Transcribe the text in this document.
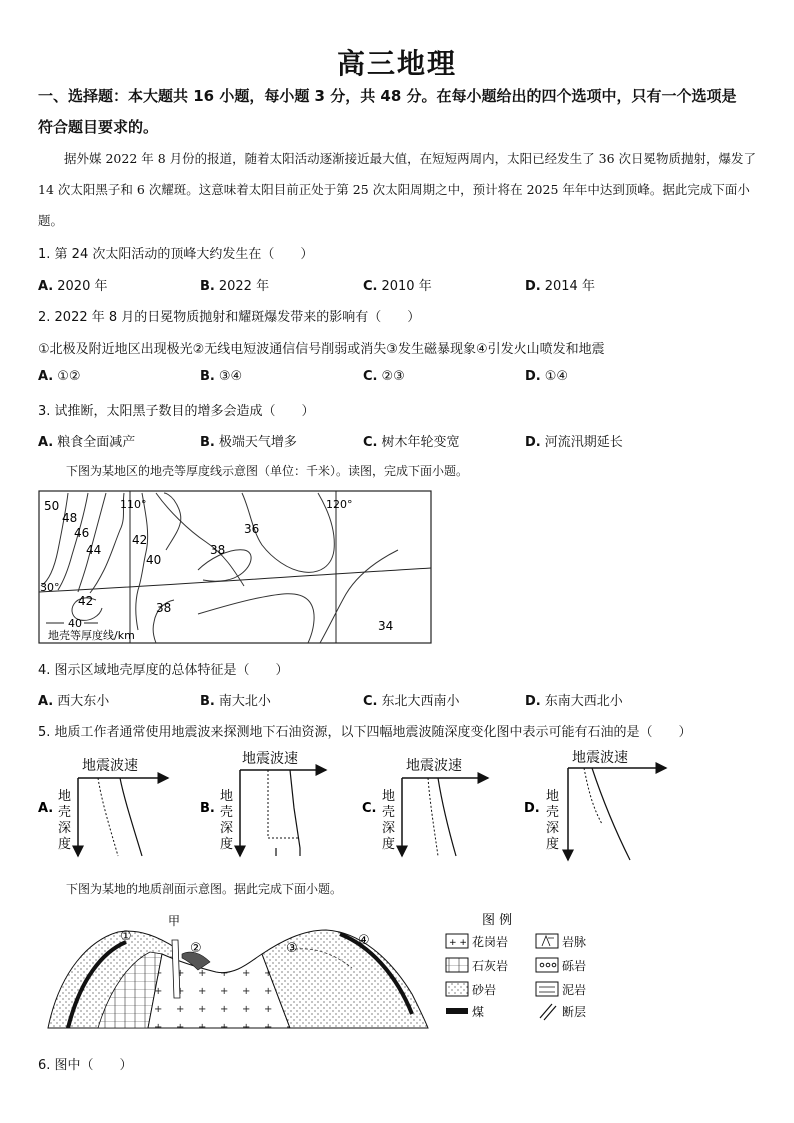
高三地理
一、选择题：本大题共 16 小题，每小题 3 分，共 48 分。在每小题给出的四个选项中，只有一个选项是
符合题目要求的。
据外媒 2022 年 8 月份的报道，随着太阳活动逐渐接近最大值，在短短两周内，太阳已经发生了 36 次日冕物质抛射，爆发了 14 次太阳黑子和 6 次耀斑。这意味着太阳目前正处于第 25 次太阳周期之中，预计将在 2025 年年中达到顶峰。据此完成下面小题。
1. 第 24 次太阳活动的顶峰大约发生在（　　）
A. 2020 年	B. 2022 年	C. 2010 年	D. 2014 年
2. 2022 年 8 月的日冕物质抛射和耀斑爆发带来的影响有（　　）
①北极及附近地区出现极光②无线电短波通信信号削弱或消失③发生磁暴现象④引发火山喷发和地震
A. ①②	B. ③④	C. ②③	D. ①④
3. 试推断，太阳黑子数目的增多会造成（　　）
A. 粮食全面减产	B. 极端天气增多	C. 树木年轮变宽	D. 河流汛期延长
下图为某地区的地壳等厚度线示意图（单位：千米）。读图，完成下面小题。
110°	120°
30°
50
48
46
44
42
40
38
36
42	38
34
40
地壳等厚度线/km
4. 图示区域地壳厚度的总体特征是（　　）
A. 西大东小	B. 南大北小	C. 东北大西南小	D. 东南大西北小
5. 地质工作者通常使用地震波来探测地下石油资源，以下四幅地震波随深度变化图中表示可能有石油的是（　　）
A.
地震波速
地
壳
深
度
B.
地震波速
地
壳
深
度
C.
地震波速
地
壳
深
度
D.
地震波速
地
壳
深
度
下图为某地的地质剖面示意图。据此完成下面小题。
①
甲
②	③
④
图 例
+ + 花岗岩	岩脉
石灰岩	砾岩
砂岩	泥岩
煤	断层
6. 图中（　　）
